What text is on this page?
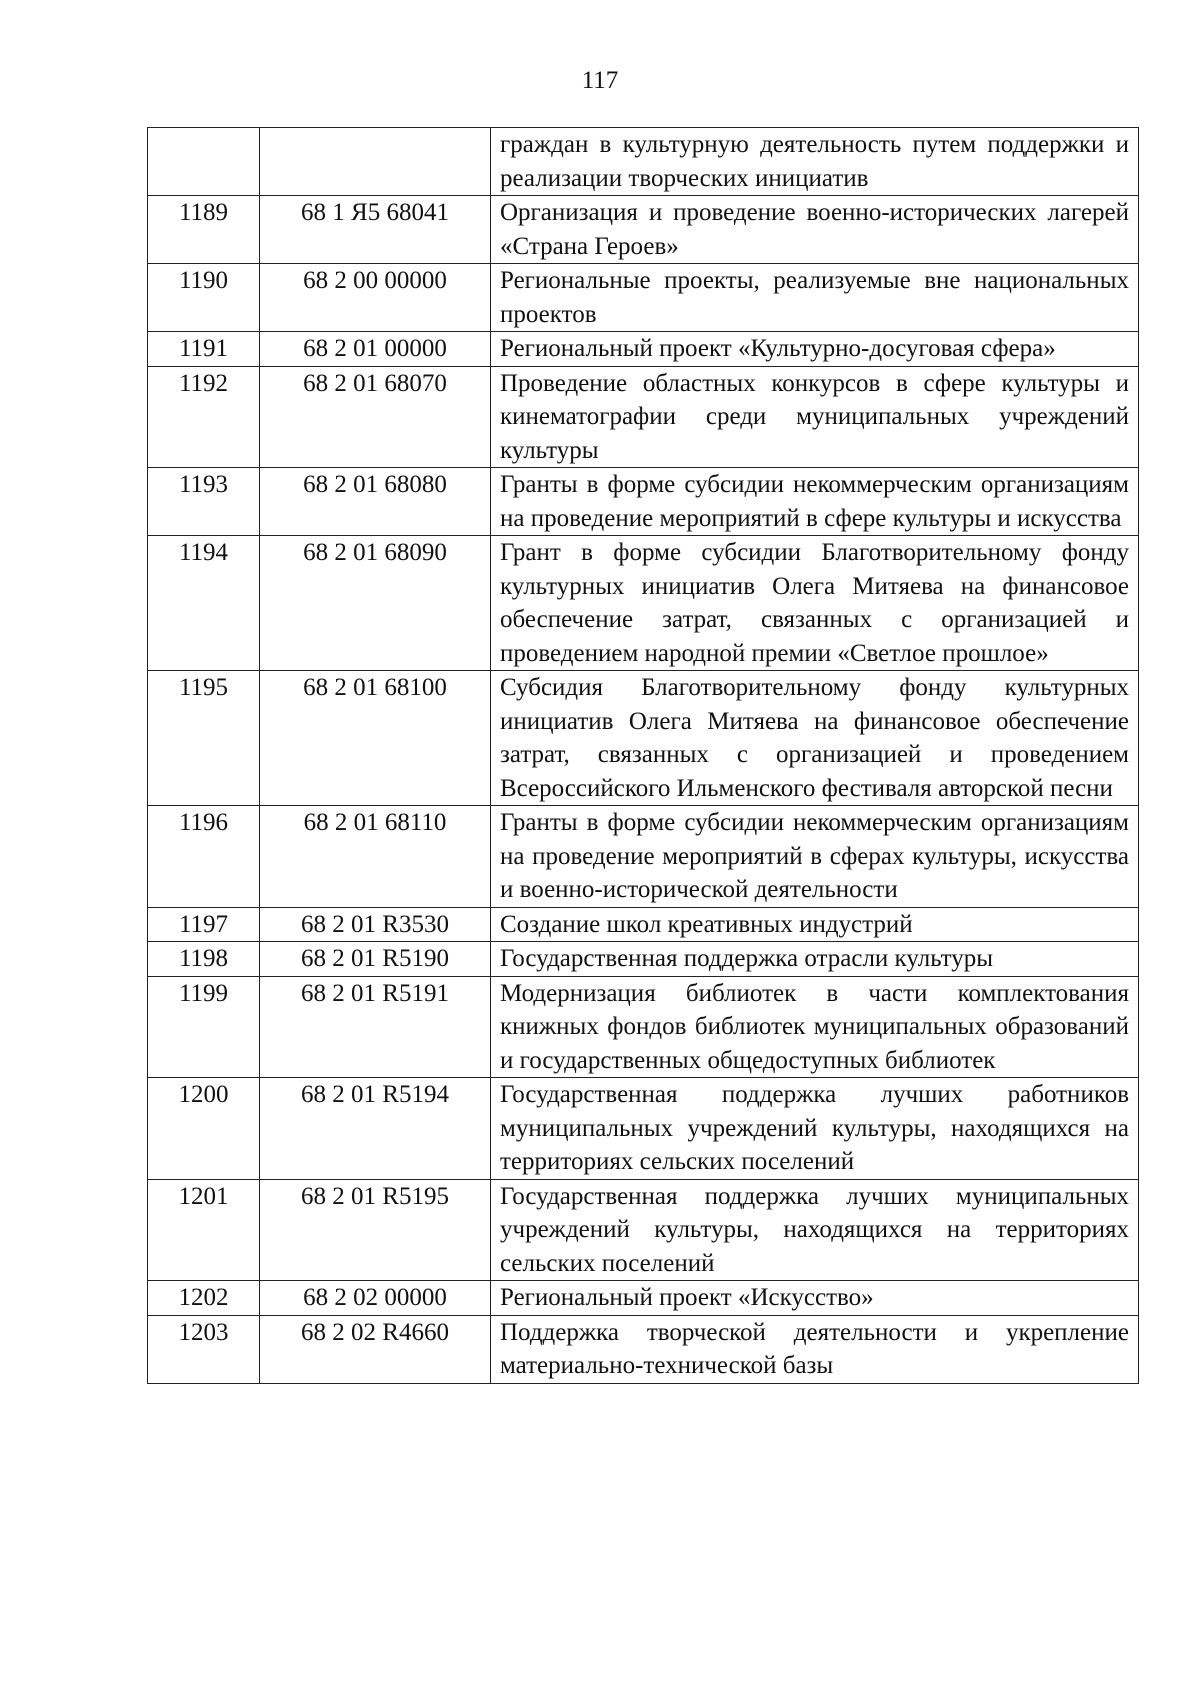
117
		граждан в культурную деятельность путем поддержки и реализации творческих инициатив
1189	68 1 Я5 68041	Организация и проведение военно-исторических лагерей «Страна Героев»
1190	68 2 00 00000	Региональные проекты, реализуемые вне национальных проектов
1191	68 2 01 00000	Региональный проект «Культурно-досуговая сфера»
1192	68 2 01 68070	Проведение областных конкурсов в сфере культуры и кинематографии среди муниципальных учреждений культуры
1193	68 2 01 68080	Гранты в форме субсидии некоммерческим организациям на проведение мероприятий в сфере культуры и искусства
1194	68 2 01 68090	Грант в форме субсидии Благотворительному фонду культурных инициатив Олега Митяева на финансовое обеспечение затрат, связанных с организацией и проведением народной премии «Светлое прошлое»
1195	68 2 01 68100	Субсидия Благотворительному фонду культурных инициатив Олега Митяева на финансовое обеспечение затрат, связанных с организацией и проведением Всероссийского Ильменского фестиваля авторской песни
1196	68 2 01 68110	Гранты в форме субсидии некоммерческим организациям на проведение мероприятий в сферах культуры, искусства и военно-исторической деятельности
1197	68 2 01 R3530	Создание школ креативных индустрий
1198	68 2 01 R5190	Государственная поддержка отрасли культуры
1199	68 2 01 R5191	Модернизация библиотек в части комплектования книжных фондов библиотек муниципальных образований и государственных общедоступных библиотек
1200	68 2 01 R5194	Государственная поддержка лучших работников муниципальных учреждений культуры, находящихся на территориях сельских поселений
1201	68 2 01 R5195	Государственная поддержка лучших муниципальных учреждений культуры, находящихся на территориях сельских поселений
1202	68 2 02 00000	Региональный проект «Искусство»
1203	68 2 02 R4660	Поддержка творческой деятельности и укрепление материально-технической базы
